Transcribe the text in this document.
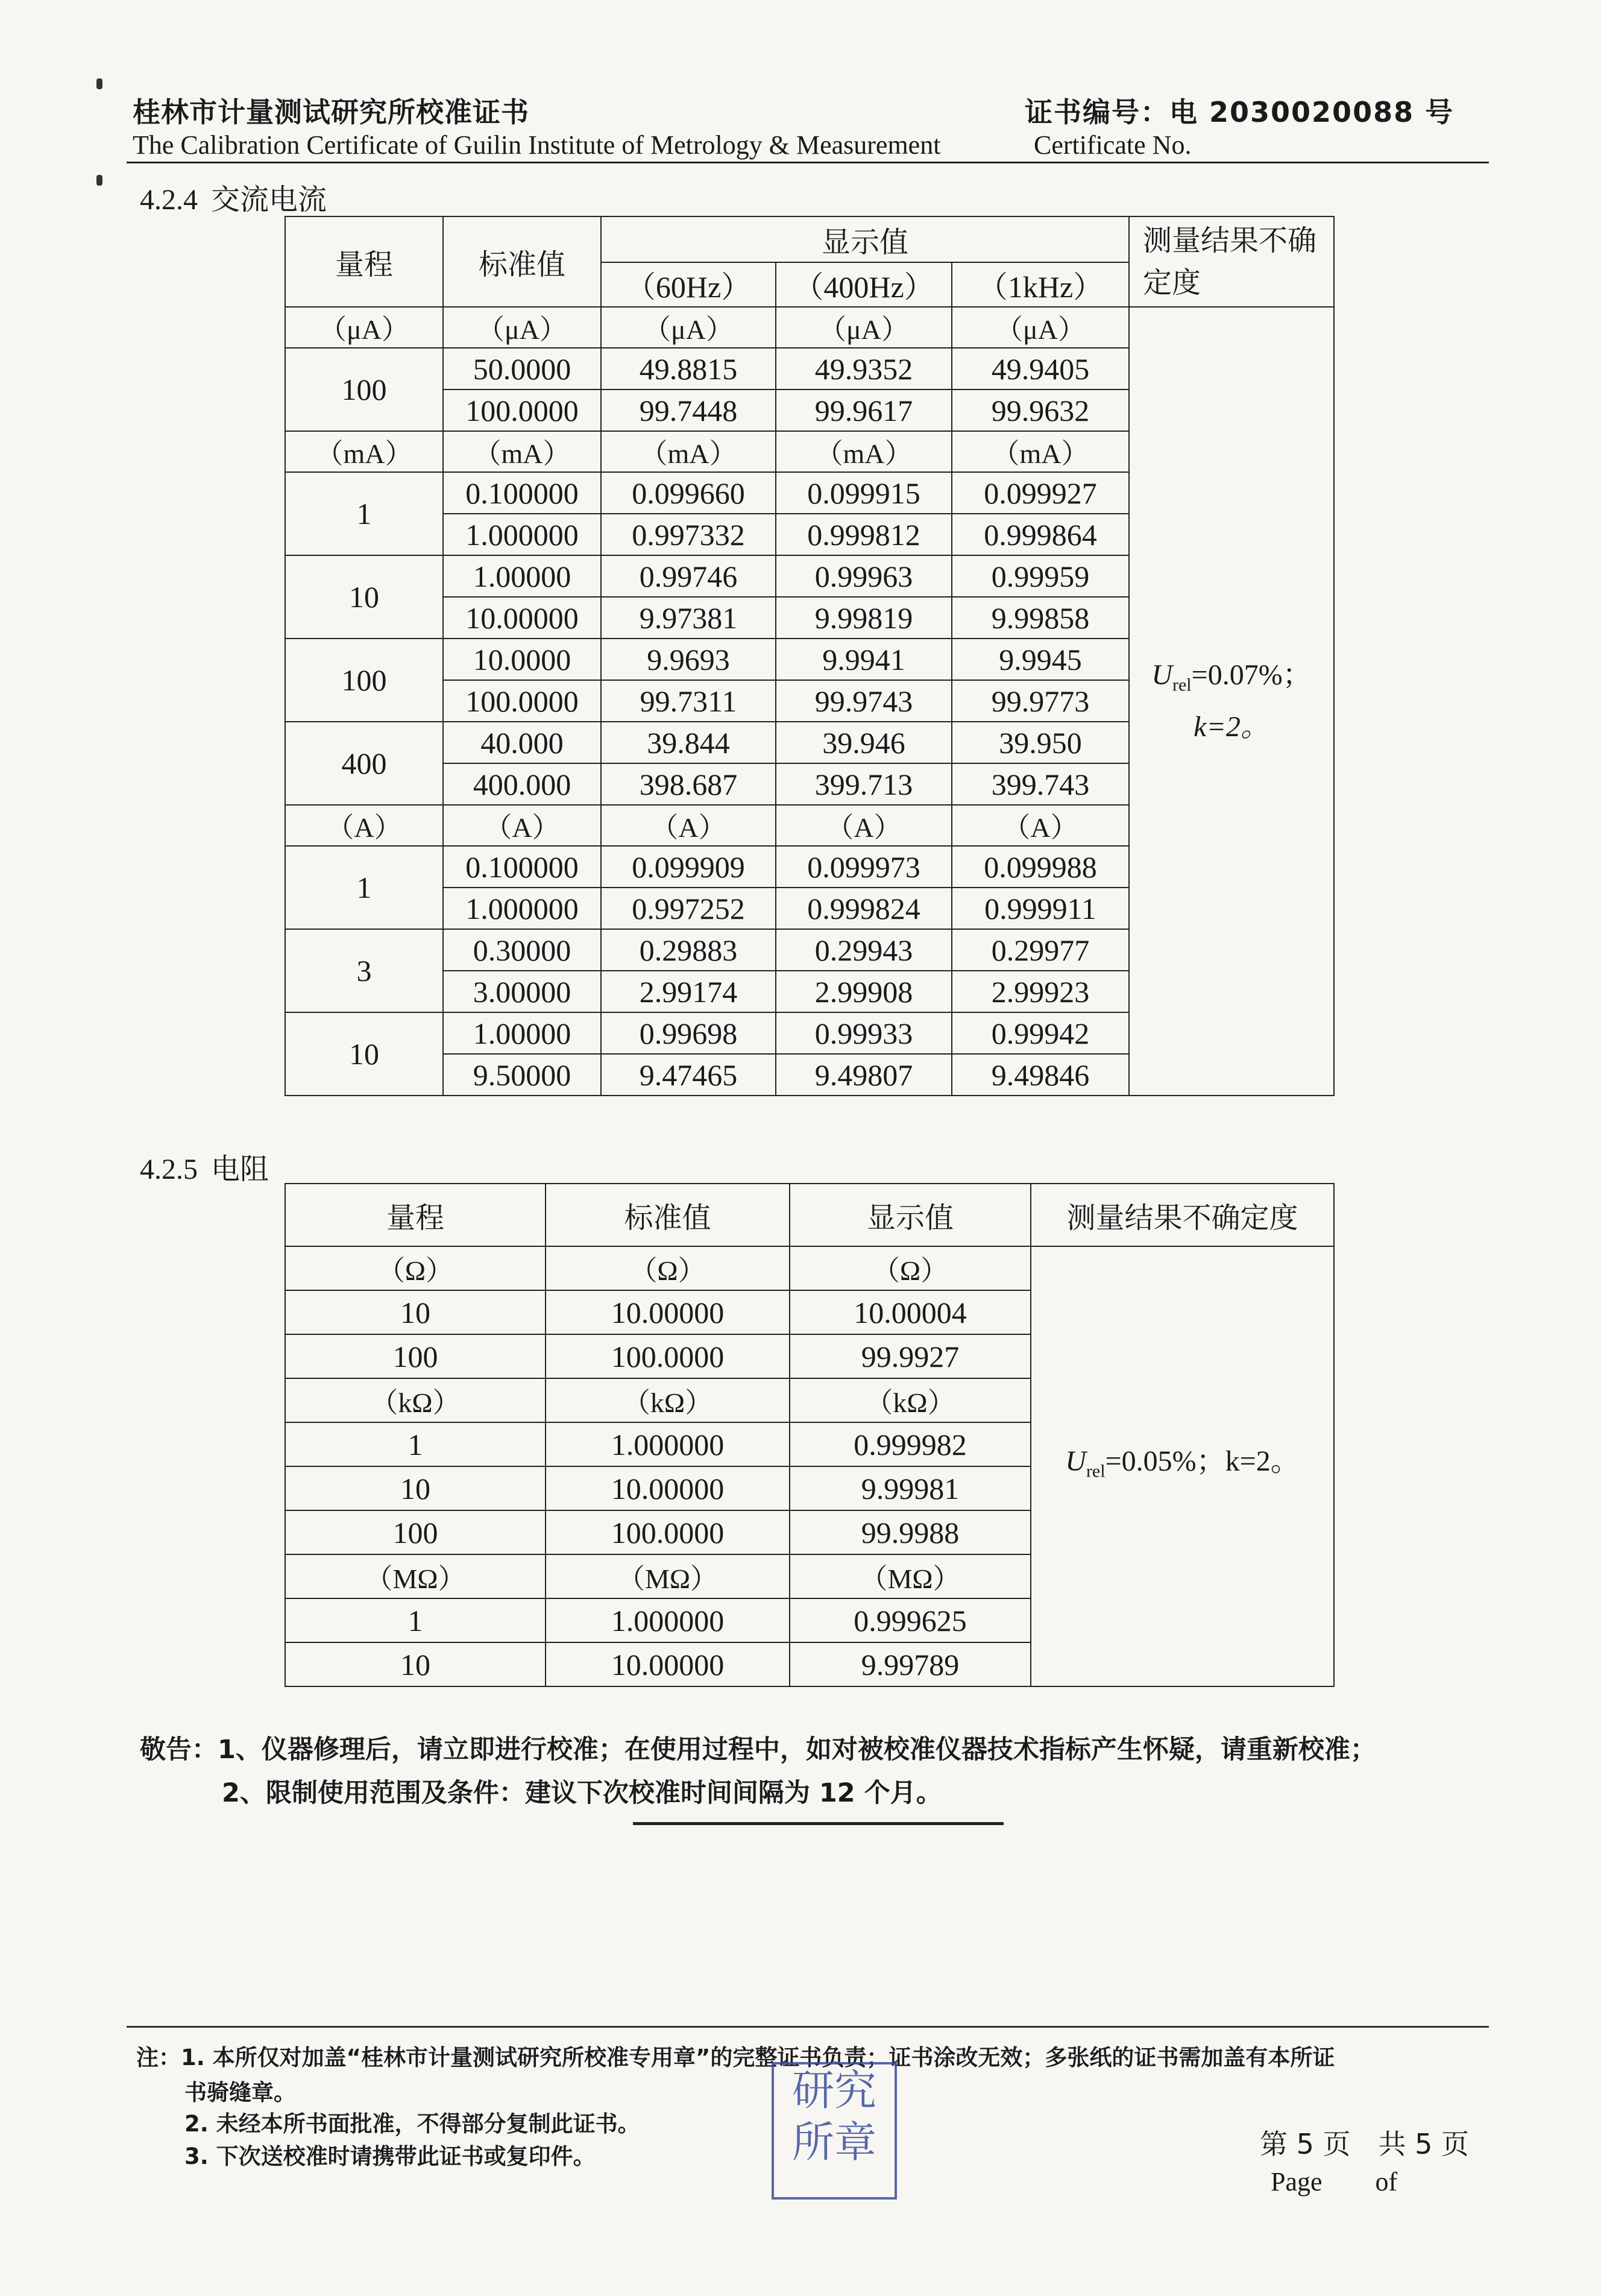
桂林市计量测试研究所校准证书
The Calibration Certificate of Guilin Institute of Metrology & Measurement
证书编号：电 2030020088 号
Certificate No.
4.2.4 交流电流
量程	标准值	显示值			测量结果不确定度
		（60Hz）	（400Hz）	（1kHz）	
（μA）	（μA）	（μA）	（μA）	（μA）	$U_{rel}=0.07\%$；
k=2。

100	50.0000	49.8815	49.9352	49.9405	
	100.0000	99.7448	99.9617	99.9632	
（mA）	（mA）	（mA）	（mA）	（mA）	
1	0.100000	0.099660	0.099915	0.099927	
	1.000000	0.997332	0.999812	0.999864	
10	1.00000	0.99746	0.99963	0.99959	
	10.00000	9.97381	9.99819	9.99858	
100	10.0000	9.9693	9.9941	9.9945	
	100.0000	99.7311	99.9743	99.9773	
400	40.000	39.844	39.946	39.950	
	400.000	398.687	399.713	399.743	
（A）	（A）	（A）	（A）	（A）	
1	0.100000	0.099909	0.099973	0.099988	
	1.000000	0.997252	0.999824	0.999911	
3	0.30000	0.29883	0.29943	0.29977	
	3.00000	2.99174	2.99908	2.99923	
10	1.00000	0.99698	0.99933	0.99942	
	9.50000	9.47465	9.49807	9.49846	
4.2.5 电阻
量程	标准值	显示值	测量结果不确定度
（Ω）	（Ω）	（Ω）	$U_{rel}=0.05\%$；k=2。

10	10.00000	10.00004	
100	100.0000	99.9927	
（kΩ）	（kΩ）	（kΩ）	
1	1.000000	0.999982	
10	10.00000	9.99981	
100	100.0000	99.9988	
（MΩ）	（MΩ）	（MΩ）	
1	1.000000	0.999625	
10	10.00000	9.99789	
敬告：1、仪器修理后，请立即进行校准；在使用过程中，如对被校准仪器技术指标产生怀疑，请重新校准；
2、限制使用范围及条件：建议下次校准时间间隔为 12 个月。
注：1. 本所仅对加盖“桂林市计量测试研究所校准专用章”的完整证书负责；证书涂改无效；多张纸的证书需加盖有本所证
书骑缝章。
2. 未经本所书面批准，不得部分复制此证书。
3. 下次送校准时请携带此证书或复印件。
研究所章	第 5 页　共 5 页
Page　　of
